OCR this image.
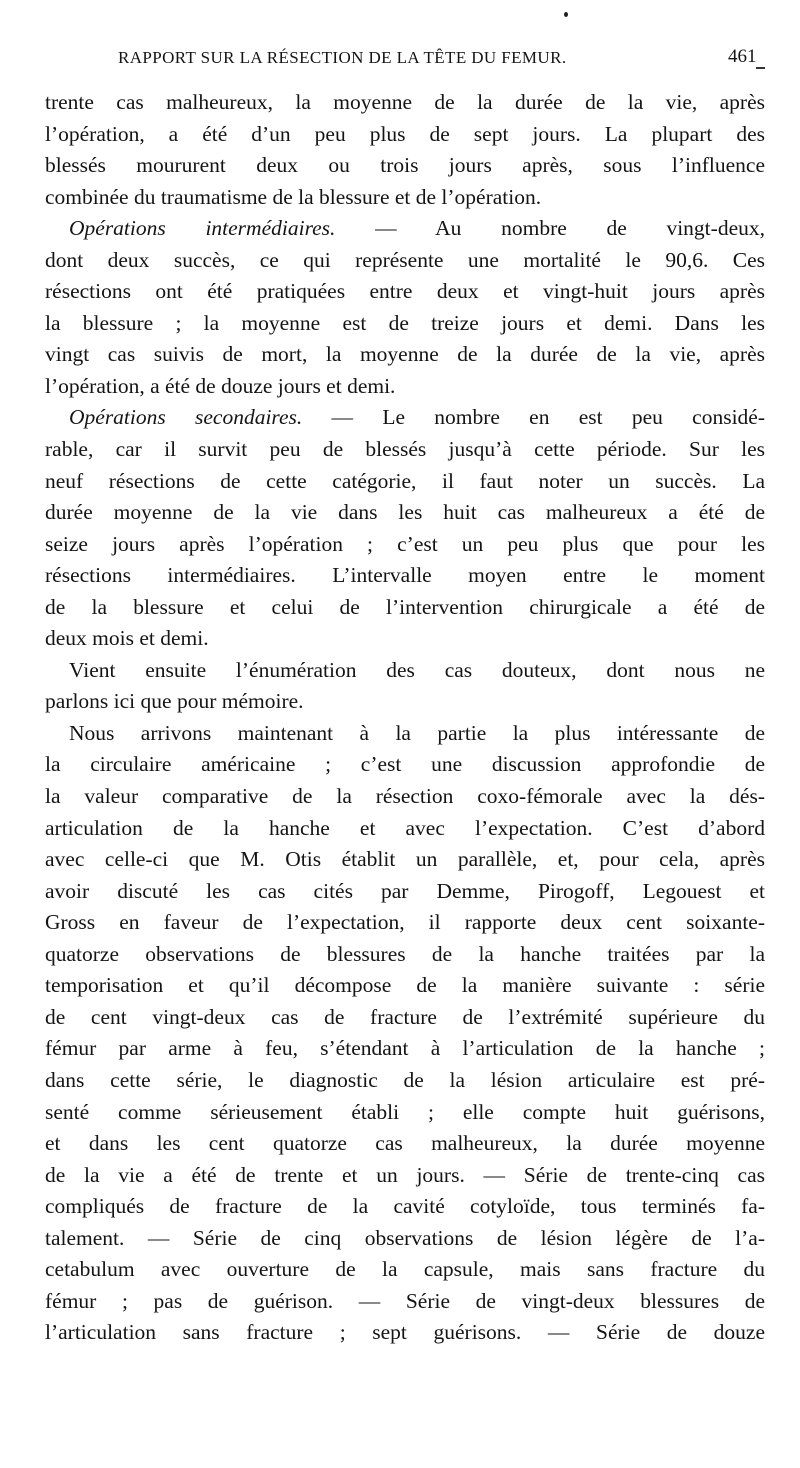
RAPPORT SUR LA RÉSECTION DE LA TÊTE DU FEMUR.	461
trente cas malheureux, la moyenne de la durée de la vie, après
l’opération, a été d’un peu plus de sept jours. La plupart des
blessés moururent deux ou trois jours après, sous l’influence
combinée du traumatisme de la blessure et de l’opération.
Opérations intermédiaires. — Au nombre de vingt-deux,
dont deux succès, ce qui représente une mortalité le 90,6. Ces
résections ont été pratiquées entre deux et vingt-huit jours après
la blessure ; la moyenne est de treize jours et demi. Dans les
vingt cas suivis de mort, la moyenne de la durée de la vie, après
l’opération, a été de douze jours et demi.
Opérations secondaires. — Le nombre en est peu considé-
rable, car il survit peu de blessés jusqu’à cette période. Sur les
neuf résections de cette catégorie, il faut noter un succès. La
durée moyenne de la vie dans les huit cas malheureux a été de
seize jours après l’opération ; c’est un peu plus que pour les
résections intermédiaires. L’intervalle moyen entre le moment
de la blessure et celui de l’intervention chirurgicale a été de
deux mois et demi.
Vient ensuite l’énumération des cas douteux, dont nous ne
parlons ici que pour mémoire.
Nous arrivons maintenant à la partie la plus intéressante de
la circulaire américaine ; c’est une discussion approfondie de
la valeur comparative de la résection coxo-fémorale avec la dés-
articulation de la hanche et avec l’expectation. C’est d’abord
avec celle-ci que M. Otis établit un parallèle, et, pour cela, après
avoir discuté les cas cités par Demme, Pirogoff, Legouest et
Gross en faveur de l’expectation, il rapporte deux cent soixante-
quatorze observations de blessures de la hanche traitées par la
temporisation et qu’il décompose de la manière suivante : série
de cent vingt-deux cas de fracture de l’extrémité supérieure du
fémur par arme à feu, s’étendant à l’articulation de la hanche ;
dans cette série, le diagnostic de la lésion articulaire est pré-
senté comme sérieusement établi ; elle compte huit guérisons,
et dans les cent quatorze cas malheureux, la durée moyenne
de la vie a été de trente et un jours. — Série de trente-cinq cas
compliqués de fracture de la cavité cotyloïde, tous terminés fa-
talement. — Série de cinq observations de lésion légère de l’a-
cetabulum avec ouverture de la capsule, mais sans fracture du
fémur ; pas de guérison. — Série de vingt-deux blessures de
l’articulation sans fracture ; sept guérisons. — Série de douze
